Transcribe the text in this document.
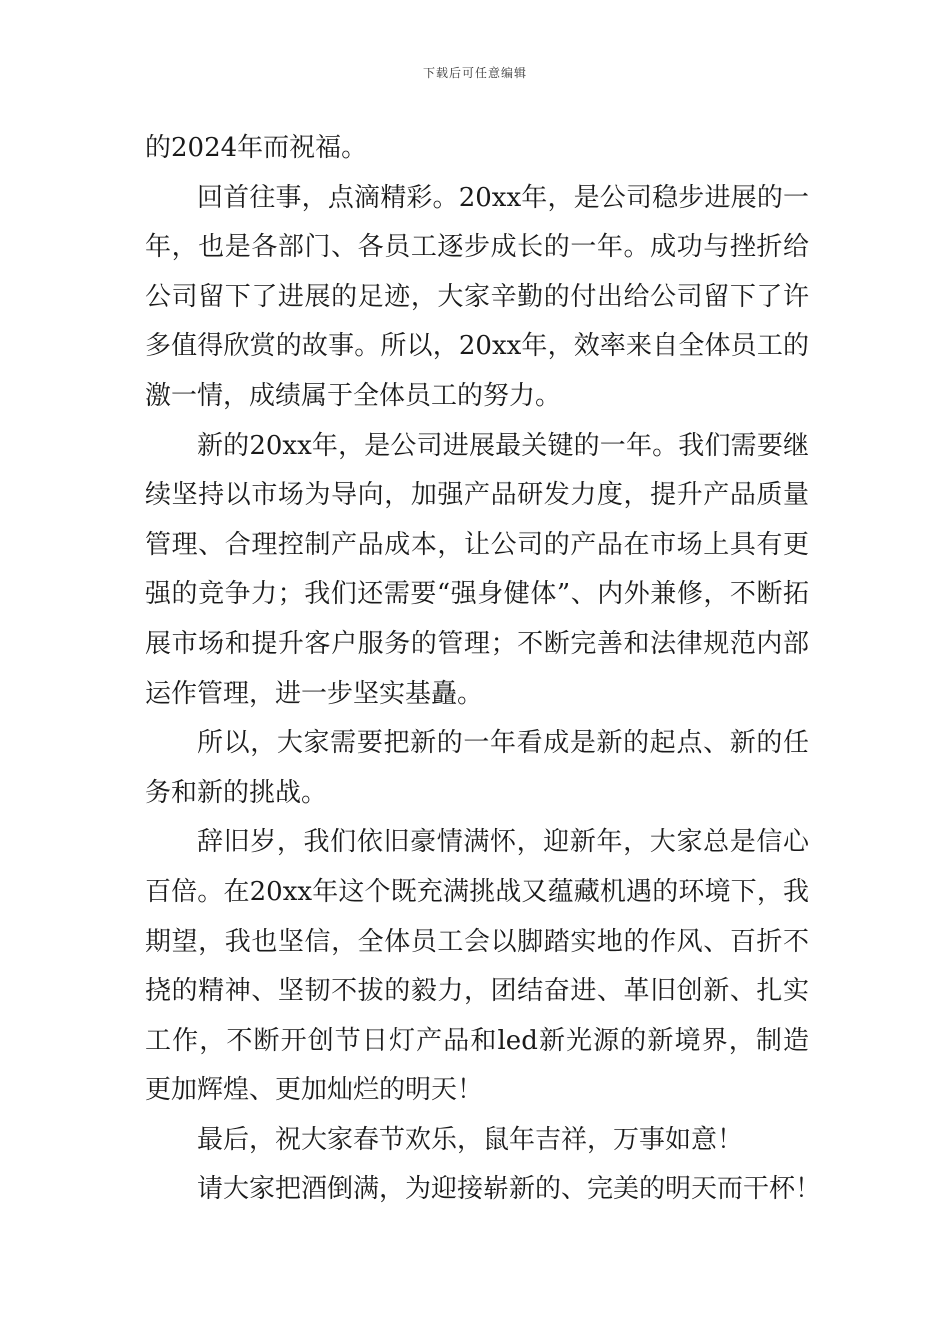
下载后可任意编辑

的2024年而祝福。

回首往事，点滴精彩。20xx年，是公司稳步进展的一年，也是各部门、各员工逐步成长的一年。成功与挫折给公司留下了进展的足迹，大家辛勤的付出给公司留下了许多值得欣赏的故事。所以，20xx年，效率来自全体员工的激一情，成绩属于全体员工的努力。

新的20xx年，是公司进展最关键的一年。我们需要继续坚持以市场为导向，加强产品研发力度，提升产品质量管理、合理控制产品成本，让公司的产品在市场上具有更强的竞争力；我们还需要“强身健体”、内外兼修，不断拓展市场和提升客户服务的管理；不断完善和法律规范内部运作管理，进一步坚实基矗。

所以，大家需要把新的一年看成是新的起点、新的任务和新的挑战。

辞旧岁，我们依旧豪情满怀，迎新年，大家总是信心百倍。在20xx年这个既充满挑战又蕴藏机遇的环境下，我期望，我也坚信，全体员工会以脚踏实地的作风、百折不挠的精神、坚韧不拔的毅力，团结奋进、革旧创新、扎实工作，不断开创节日灯产品和led新光源的新境界，制造更加辉煌、更加灿烂的明天！

最后，祝大家春节欢乐，鼠年吉祥，万事如意！

请大家把酒倒满，为迎接崭新的、完美的明天而干杯！
